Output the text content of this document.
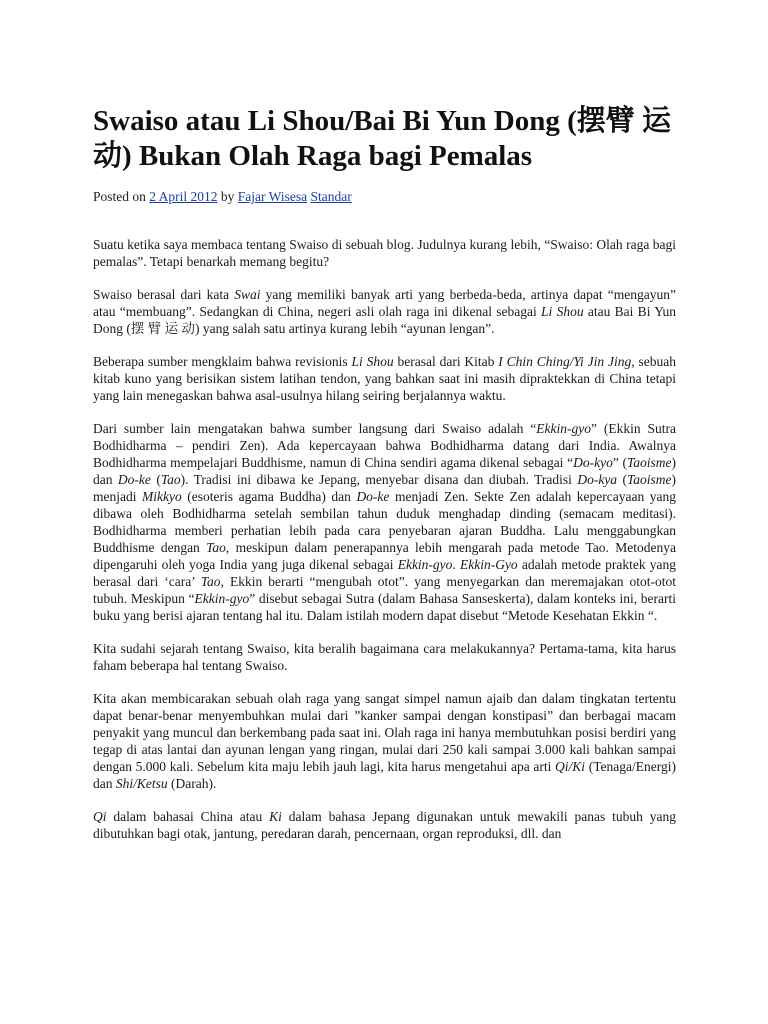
Swaiso atau Li Shou/Bai Bi Yun Dong (摆臂 运 动) Bukan Olah Raga bagi Pemalas
Posted on 2 April 2012 by Fajar Wisesa Standar

Suatu ketika saya membaca tentang Swaiso di sebuah blog. Judulnya kurang lebih, “Swaiso: Olah raga bagi pemalas”. Tetapi benarkah memang begitu?

Swaiso berasal dari kata Swai yang memiliki banyak arti yang berbeda-beda, artinya dapat “mengayun” atau “membuang”. Sedangkan di China, negeri asli olah raga ini dikenal sebagai Li Shou atau Bai Bi Yun Dong (摆 臂 运 动) yang salah satu artinya kurang lebih “ayunan lengan”.

Beberapa sumber mengklaim bahwa revisionis Li Shou berasal dari Kitab I Chin Ching/Yi Jin Jing, sebuah kitab kuno yang berisikan sistem latihan tendon, yang bahkan saat ini masih dipraktekkan di China tetapi yang lain menegaskan bahwa asal-usulnya hilang seiring berjalannya waktu.

Dari sumber lain mengatakan bahwa sumber langsung dari Swaiso adalah “Ekkin-gyo” (Ekkin Sutra Bodhidharma – pendiri Zen). Ada kepercayaan bahwa Bodhidharma datang dari India. Awalnya Bodhidharma mempelajari Buddhisme, namun di China sendiri agama dikenal sebagai “Do-kyo” (Taoisme) dan Do-ke (Tao). Tradisi ini dibawa ke Jepang, menyebar disana dan diubah. Tradisi Do-kya (Taoisme) menjadi Mikkyo (esoteris agama Buddha) dan Do-ke menjadi Zen. Sekte Zen adalah kepercayaan yang dibawa oleh Bodhidharma setelah sembilan tahun duduk menghadap dinding (semacam meditasi). Bodhidharma memberi perhatian lebih pada cara penyebaran ajaran Buddha. Lalu menggabungkan Buddhisme dengan Tao, meskipun dalam penerapannya lebih mengarah pada metode Tao. Metodenya dipengaruhi oleh yoga India yang juga dikenal sebagai Ekkin-gyo. Ekkin-Gyo adalah metode praktek yang berasal dari ‘cara’ Tao, Ekkin berarti “mengubah otot”. yang menyegarkan dan meremajakan otot-otot tubuh. Meskipun “Ekkin-gyo” disebut sebagai Sutra (dalam Bahasa Sanseskerta), dalam konteks ini, berarti buku yang berisi ajaran tentang hal itu. Dalam istilah modern dapat disebut “Metode Kesehatan Ekkin “.

Kita sudahi sejarah tentang Swaiso, kita beralih bagaimana cara melakukannya? Pertama-tama, kita harus faham beberapa hal tentang Swaiso.

Kita akan membicarakan sebuah olah raga yang sangat simpel namun ajaib dan dalam tingkatan tertentu dapat benar-benar menyembuhkan mulai dari ”kanker sampai dengan konstipasi” dan berbagai macam penyakit yang muncul dan berkembang pada saat ini. Olah raga ini hanya membutuhkan posisi berdiri yang tegap di atas lantai dan ayunan lengan yang ringan, mulai dari 250 kali sampai 3.000 kali bahkan sampai dengan 5.000 kali. Sebelum kita maju lebih jauh lagi, kita harus mengetahui apa arti Qi/Ki (Tenaga/Energi) dan Shi/Ketsu (Darah).

Qi dalam bahasai China atau Ki dalam bahasa Jepang digunakan untuk mewakili panas tubuh yang dibutuhkan bagi otak, jantung, peredaran darah, pencernaan, organ reproduksi, dll. dan
